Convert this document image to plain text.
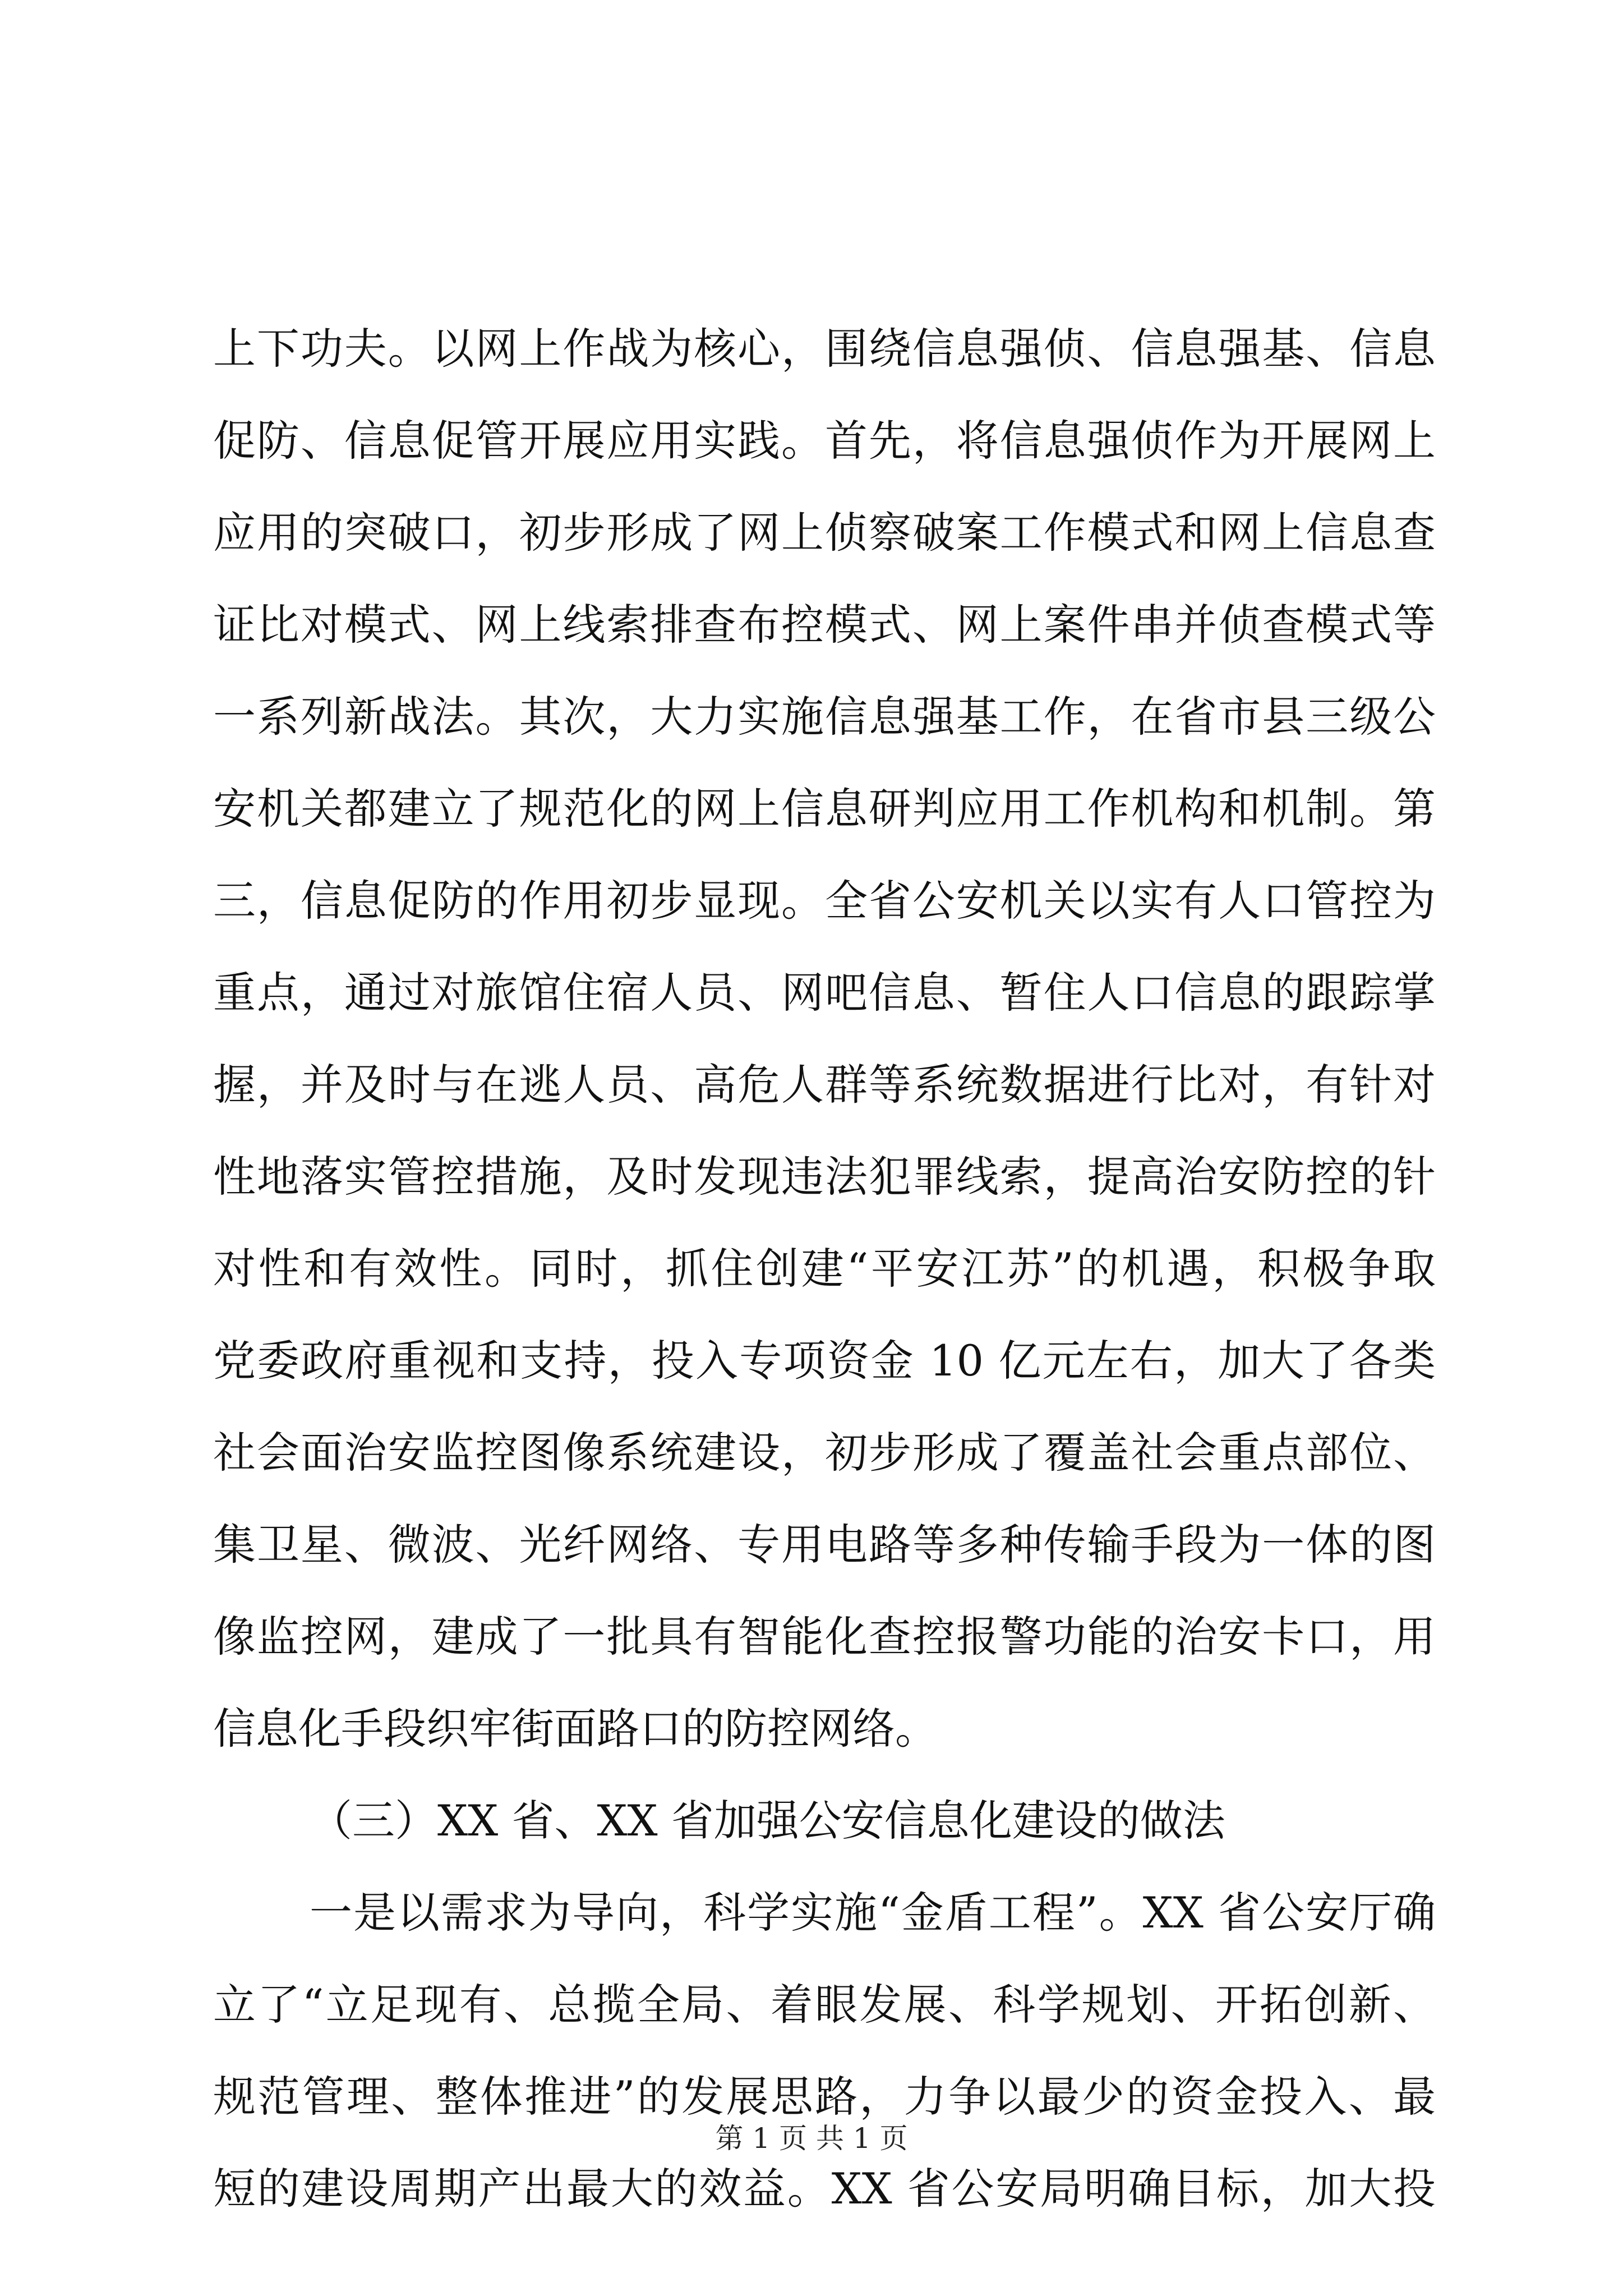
上下功夫。以网上作战为核心，围绕信息强侦、信息强基、信息
促防、信息促管开展应用实践。首先，将信息强侦作为开展网上
应用的突破口，初步形成了网上侦察破案工作模式和网上信息查
证比对模式、网上线索排查布控模式、网上案件串并侦查模式等
一系列新战法。其次，大力实施信息强基工作，在省市县三级公
安机关都建立了规范化的网上信息研判应用工作机构和机制。第
三，信息促防的作用初步显现。全省公安机关以实有人口管控为
重点，通过对旅馆住宿人员、网吧信息、暂住人口信息的跟踪掌
握，并及时与在逃人员、高危人群等系统数据进行比对，有针对
性地落实管控措施，及时发现违法犯罪线索，提高治安防控的针
对性和有效性。同时，抓住创建“平安江苏”的机遇，积极争取
党委政府重视和支持，投入专项资金 10 亿元左右，加大了各类
社会面治安监控图像系统建设，初步形成了覆盖社会重点部位、
集卫星、微波、光纤网络、专用电路等多种传输手段为一体的图
像监控网，建成了一批具有智能化查控报警功能的治安卡口，用
信息化手段织牢街面路口的防控网络。
（三）XX 省、XX 省加强公安信息化建设的做法
一是以需求为导向，科学实施“金盾工程”。XX 省公安厅确
立了“立足现有、总揽全局、着眼发展、科学规划、开拓创新、
规范管理、整体推进”的发展思路，力争以最少的资金投入、最
短的建设周期产出最大的效益。XX 省公安局明确目标，加大投
第 1 页 共 1 页
